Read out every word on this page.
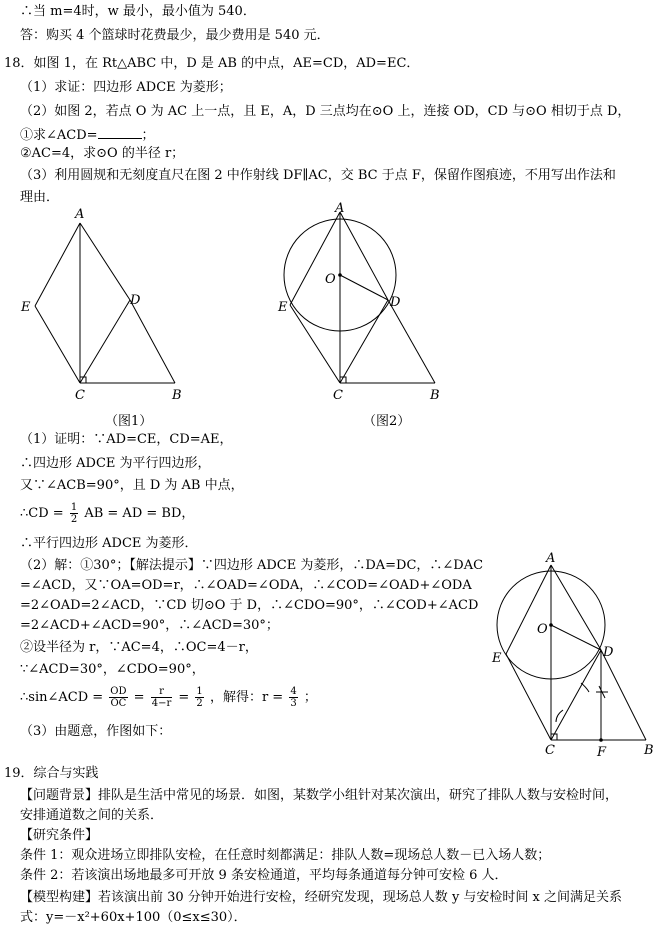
∴当 m=4时，w 最小，最小值为 540．
答：购买 4 个篮球时花费最少，最少费用是 540 元．
18．如图 1，在 Rt△ABC 中，D 是 AB 的中点，AE=CD，AD=EC．
（1）求证：四边形 ADCE 为菱形；
（2）如图 2，若点 O 为 AC 上一点，且 E，A，D 三点均在⊙O 上，连接 OD，CD 与⊙O 相切于点 D，
①求∠ACD=	；
②AC=4，求⊙O 的半径 r；
（3）利用圆规和无刻度直尺在图 2 中作射线 DF∥AC，交 BC 于点 F，保留作图痕迹，不用写出作法和
理由．
A
E	D
C	B
（图1）
A
O
E	D
C	B
（图2）
（1）证明：∵AD=CE，CD=AE，
∴四边形 ADCE 为平行四边形，
又∵∠ACB=90°，且 D 为 AB 中点，
∴CD = $\frac{1}{2}$ AB = AD = BD，
∴平行四边形 ADCE 为菱形．
（2）解：①30°；【解法提示】∵四边形 ADCE 为菱形，∴DA=DC，∴∠DAC
=∠ACD，又∵OA=OD=r，∴∠OAD=∠ODA，∴∠COD=∠OAD+∠ODA
=2∠OAD=2∠ACD，∵CD 切⊙O 于 D，∴∠CDO=90°，∴∠COD+∠ACD
=2∠ACD+∠ACD=90°，∴∠ACD=30°；
②设半径为 r，∵AC=4，∴OC=4－r，
∵∠ACD=30°，∠CDO=90°，
∴sin∠ACD = $\frac{OD}{OC} = \frac{r}{4-r} = \frac{1}{2}$ ，解得：$r = \frac{4}{3}$ ；
（3）由题意，作图如下：
A
O
E	D
C	F	B
19．综合与实践
【问题背景】排队是生活中常见的场景．如图，某数学小组针对某次演出，研究了排队人数与安检时间，
安排通道数之间的关系．
【研究条件】
条件 1：观众进场立即排队安检，在任意时刻都满足：排队人数=现场总人数－已入场人数；
条件 2：若该演出场地最多可开放 9 条安检通道，平均每条通道每分钟可安检 6 人．
【模型构建】若该演出前 30 分钟开始进行安检，经研究发现，现场总人数 y 与安检时间 x 之间满足关系
式：y=－x²+60x+100（0≤x≤30）．
